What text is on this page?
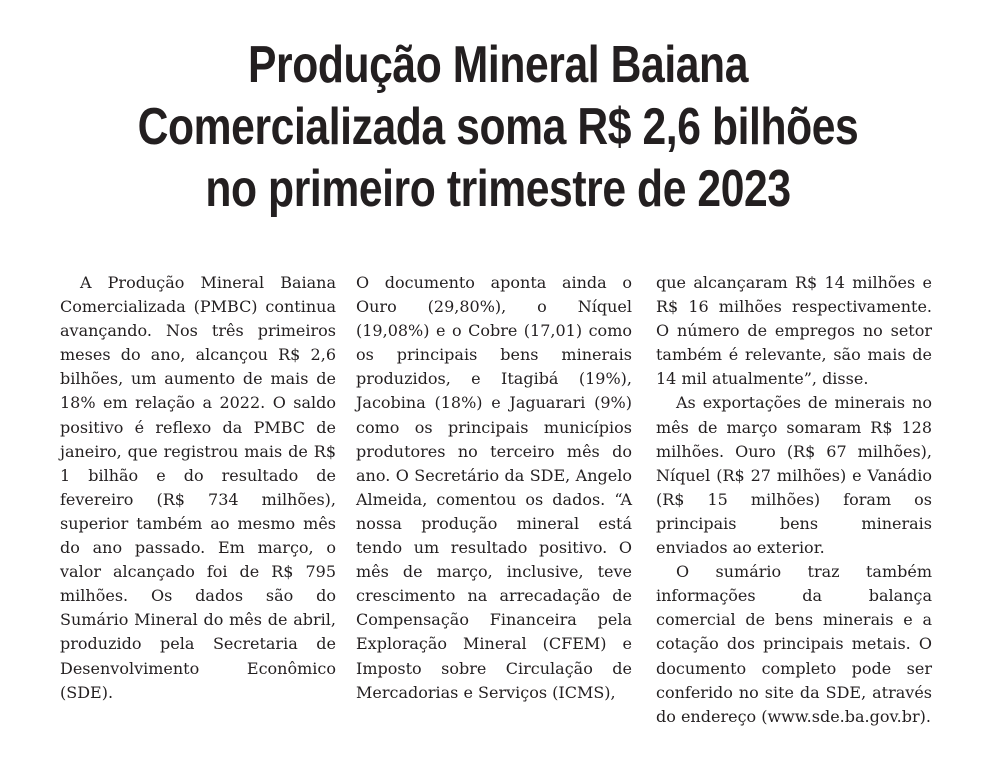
Produção Mineral Baiana
Comercializada soma R$ 2,6 bilhões
no primeiro trimestre de 2023

A Produção Mineral Baiana Comercializada (PMBC) continua avançando. Nos três primeiros meses do ano, alcançou R$ 2,6 bilhões, um aumento de mais de 18% em relação a 2022. O saldo positivo é reflexo da PMBC de janeiro, que registrou mais de R$ 1 bilhão e do resultado de fevereiro (R$ 734 milhões), superior também ao mesmo mês do ano passado. Em março, o valor alcançado foi de R$ 795 milhões. Os dados são do Sumário Mineral do mês de abril, produzido pela Secretaria de Desenvolvimento Econômico (SDE).

O documento aponta ainda o Ouro (29,80%), o Níquel (19,08%) e o Cobre (17,01) como os principais bens minerais produzidos, e Itagibá (19%), Jacobina (18%) e Jaguarari (9%) como os principais municípios produtores no terceiro mês do ano. O Secretário da SDE, Angelo Almeida, comentou os dados. “A nossa produção mineral está tendo um resultado positivo. O mês de março, inclusive, teve crescimento na arrecadação de Compensação Financeira pela Exploração Mineral (CFEM) e Imposto sobre Circulação de Mercadorias e Serviços (ICMS),

que alcançaram R$ 14 milhões e R$ 16 milhões respectivamente. O número de empregos no setor também é relevante, são mais de 14 mil atualmente”, disse.

As exportações de minerais no mês de março somaram R$ 128 milhões. Ouro (R$ 67 milhões), Níquel (R$ 27 milhões) e Vanádio (R$ 15 milhões) foram os principais bens minerais enviados ao exterior.

O sumário traz também informações da balança comercial de bens minerais e a cotação dos principais metais. O documento completo pode ser conferido no site da SDE, através do endereço (www.sde.ba.gov.br).
